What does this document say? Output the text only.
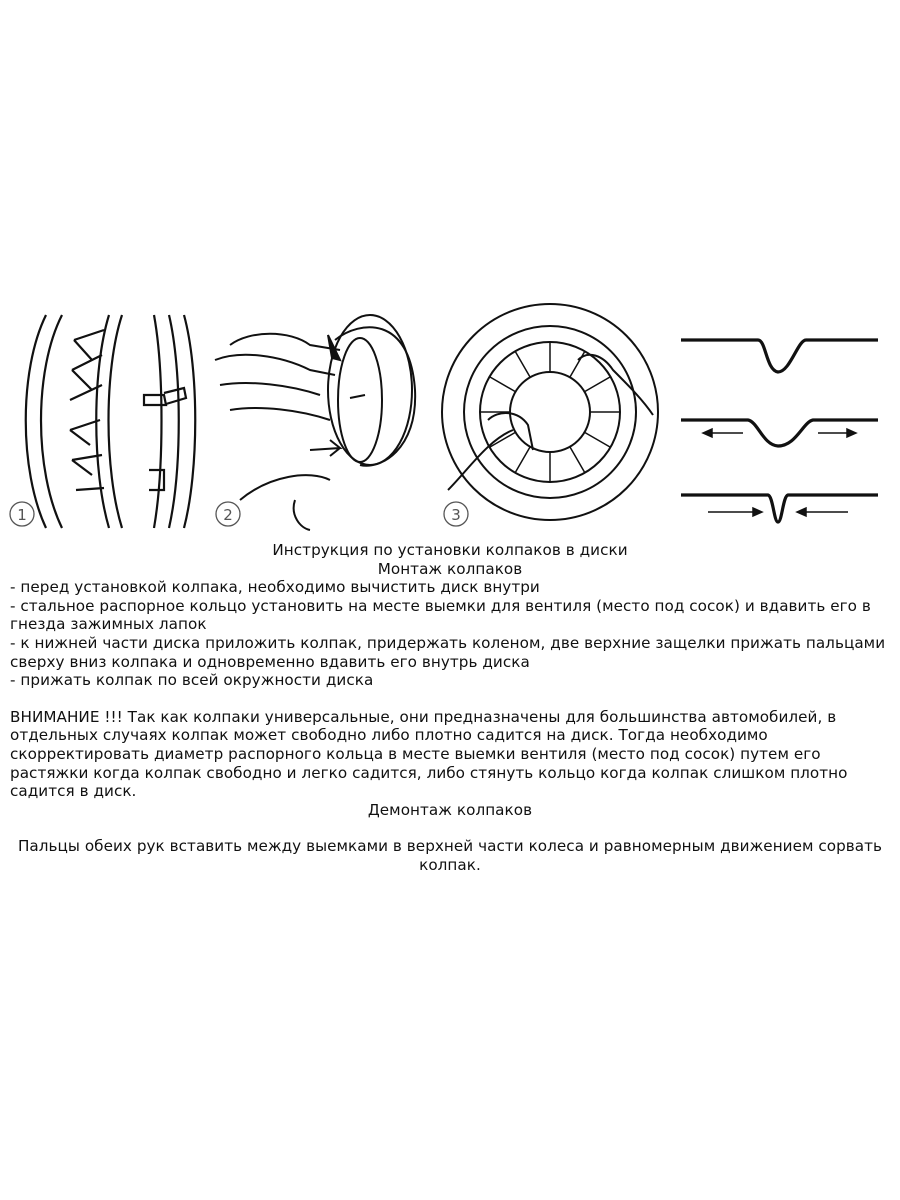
1	2	3
Инструкция по установки колпаков в диски
Монтаж колпаков
- перед установкой колпака, необходимо вычистить диск внутри
- стальное распорное кольцо установить на месте выемки для вентиля (место под сосок) и вдавить его в
гнезда зажимных лапок
- к нижней части диска приложить колпак, придержать коленом, две верхние защелки прижать пальцами
сверху вниз колпака и одновременно вдавить его внутрь диска
- прижать колпак по всей окружности диска
ВНИМАНИЕ !!! Так как колпаки универсальные, они предназначены для большинства автомобилей, в
отдельных случаях колпак может свободно либо плотно садится на диск. Тогда необходимо
скорректировать диаметр распорного кольца в месте выемки вентиля (место под сосок) путем его
растяжки когда колпак свободно и легко садится, либо стянуть кольцо когда колпак слишком плотно
садится в диск.
Демонтаж колпаков
Пальцы обеих рук вставить между выемками в верхней части колеса и равномерным движением сорвать
колпак.
